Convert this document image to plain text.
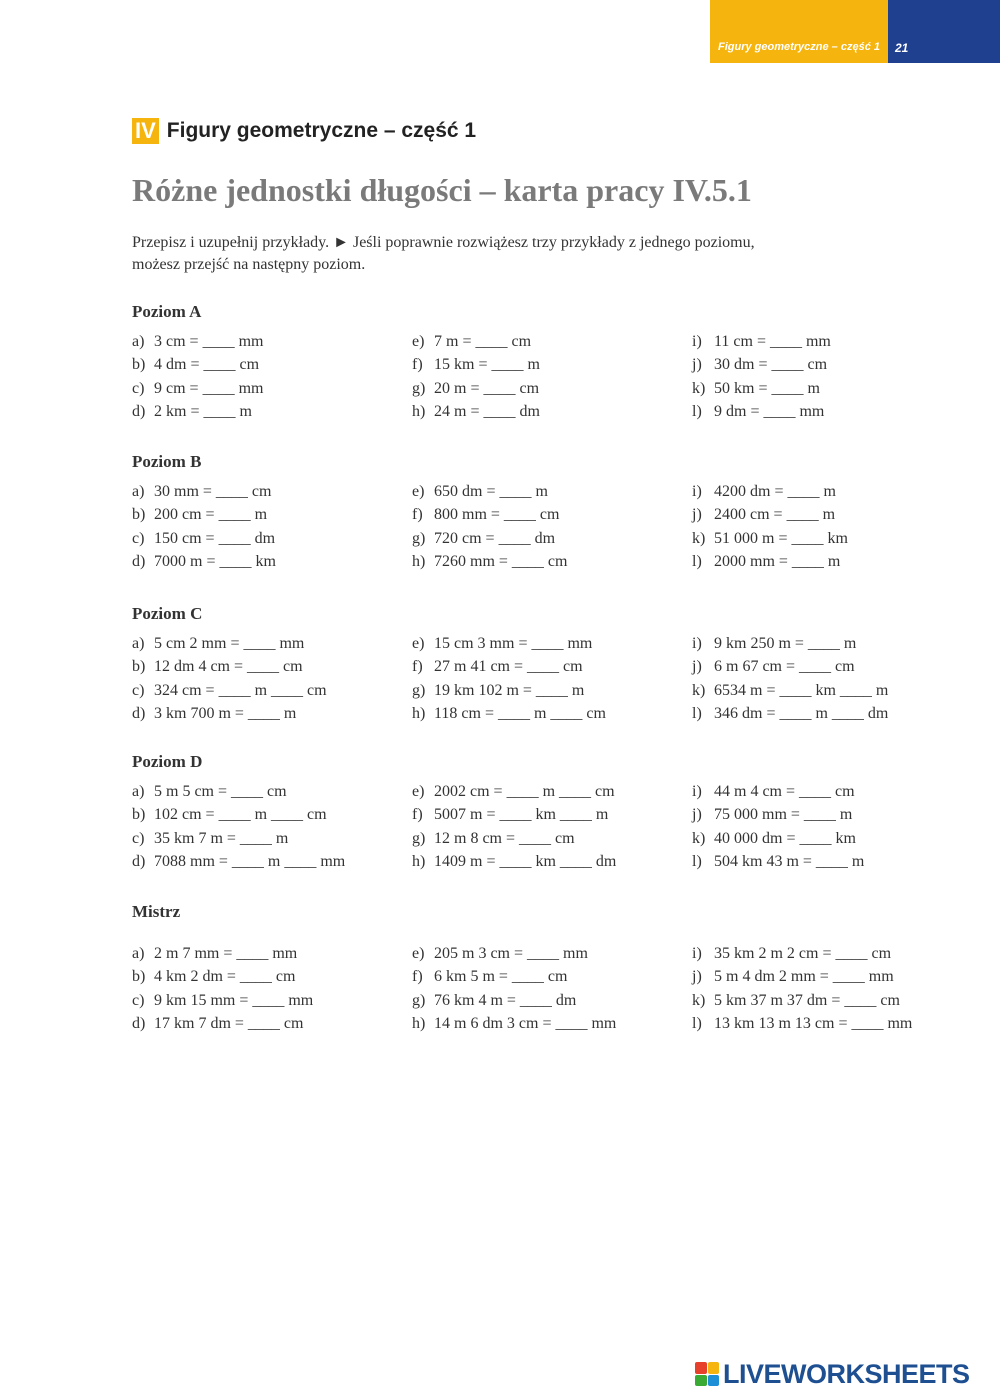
Figury geometryczne – część 1 21
IV Figury geometryczne – część 1
Różne jednostki długości – karta pracy IV.5.1
Przepisz i uzupełnij przykłady. ► Jeśli poprawnie rozwiążesz trzy przykłady z jednego poziomu,
możesz przejść na następny poziom.
Poziom A
a) 3 cm = ____ mm
b) 4 dm = ____ cm
c) 9 cm = ____ mm
d) 2 km = ____ m
e) 7 m = ____ cm
f) 15 km = ____ m
g) 20 m = ____ cm
h) 24 m = ____ dm
i) 11 cm = ____ mm
j) 30 dm = ____ cm
k) 50 km = ____ m
l) 9 dm = ____ mm
Poziom B
a) 30 mm = ____ cm
b) 200 cm = ____ m
c) 150 cm = ____ dm
d) 7000 m = ____ km
e) 650 dm = ____ m
f) 800 mm = ____ cm
g) 720 cm = ____ dm
h) 7260 mm = ____ cm
i) 4200 dm = ____ m
j) 2400 cm = ____ m
k) 51 000 m = ____ km
l) 2000 mm = ____ m
Poziom C
a) 5 cm 2 mm = ____ mm
b) 12 dm 4 cm = ____ cm
c) 324 cm = ____ m ____ cm
d) 3 km 700 m = ____ m
e) 15 cm 3 mm = ____ mm
f) 27 m 41 cm = ____ cm
g) 19 km 102 m = ____ m
h) 118 cm = ____ m ____ cm
i) 9 km 250 m = ____ m
j) 6 m 67 cm = ____ cm
k) 6534 m = ____ km ____ m
l) 346 dm = ____ m ____ dm
Poziom D
a) 5 m 5 cm = ____ cm
b) 102 cm = ____ m ____ cm
c) 35 km 7 m = ____ m
d) 7088 mm = ____ m ____ mm
e) 2002 cm = ____ m ____ cm
f) 5007 m = ____ km ____ m
g) 12 m 8 cm = ____ cm
h) 1409 m = ____ km ____ dm
i) 44 m 4 cm = ____ cm
j) 75 000 mm = ____ m
k) 40 000 dm = ____ km
l) 504 km 43 m = ____ m
Mistrz
a) 2 m 7 mm = ____ mm
b) 4 km 2 dm = ____ cm
c) 9 km 15 mm = ____ mm
d) 17 km 7 dm = ____ cm
e) 205 m 3 cm = ____ mm
f) 6 km 5 m = ____ cm
g) 76 km 4 m = ____ dm
h) 14 m 6 dm 3 cm = ____ mm
i) 35 km 2 m 2 cm = ____ cm
j) 5 m 4 dm 2 mm = ____ mm
k) 5 km 37 m 37 dm = ____ cm
l) 13 km 13 m 13 cm = ____ mm
LIVEWORKSHEETS
